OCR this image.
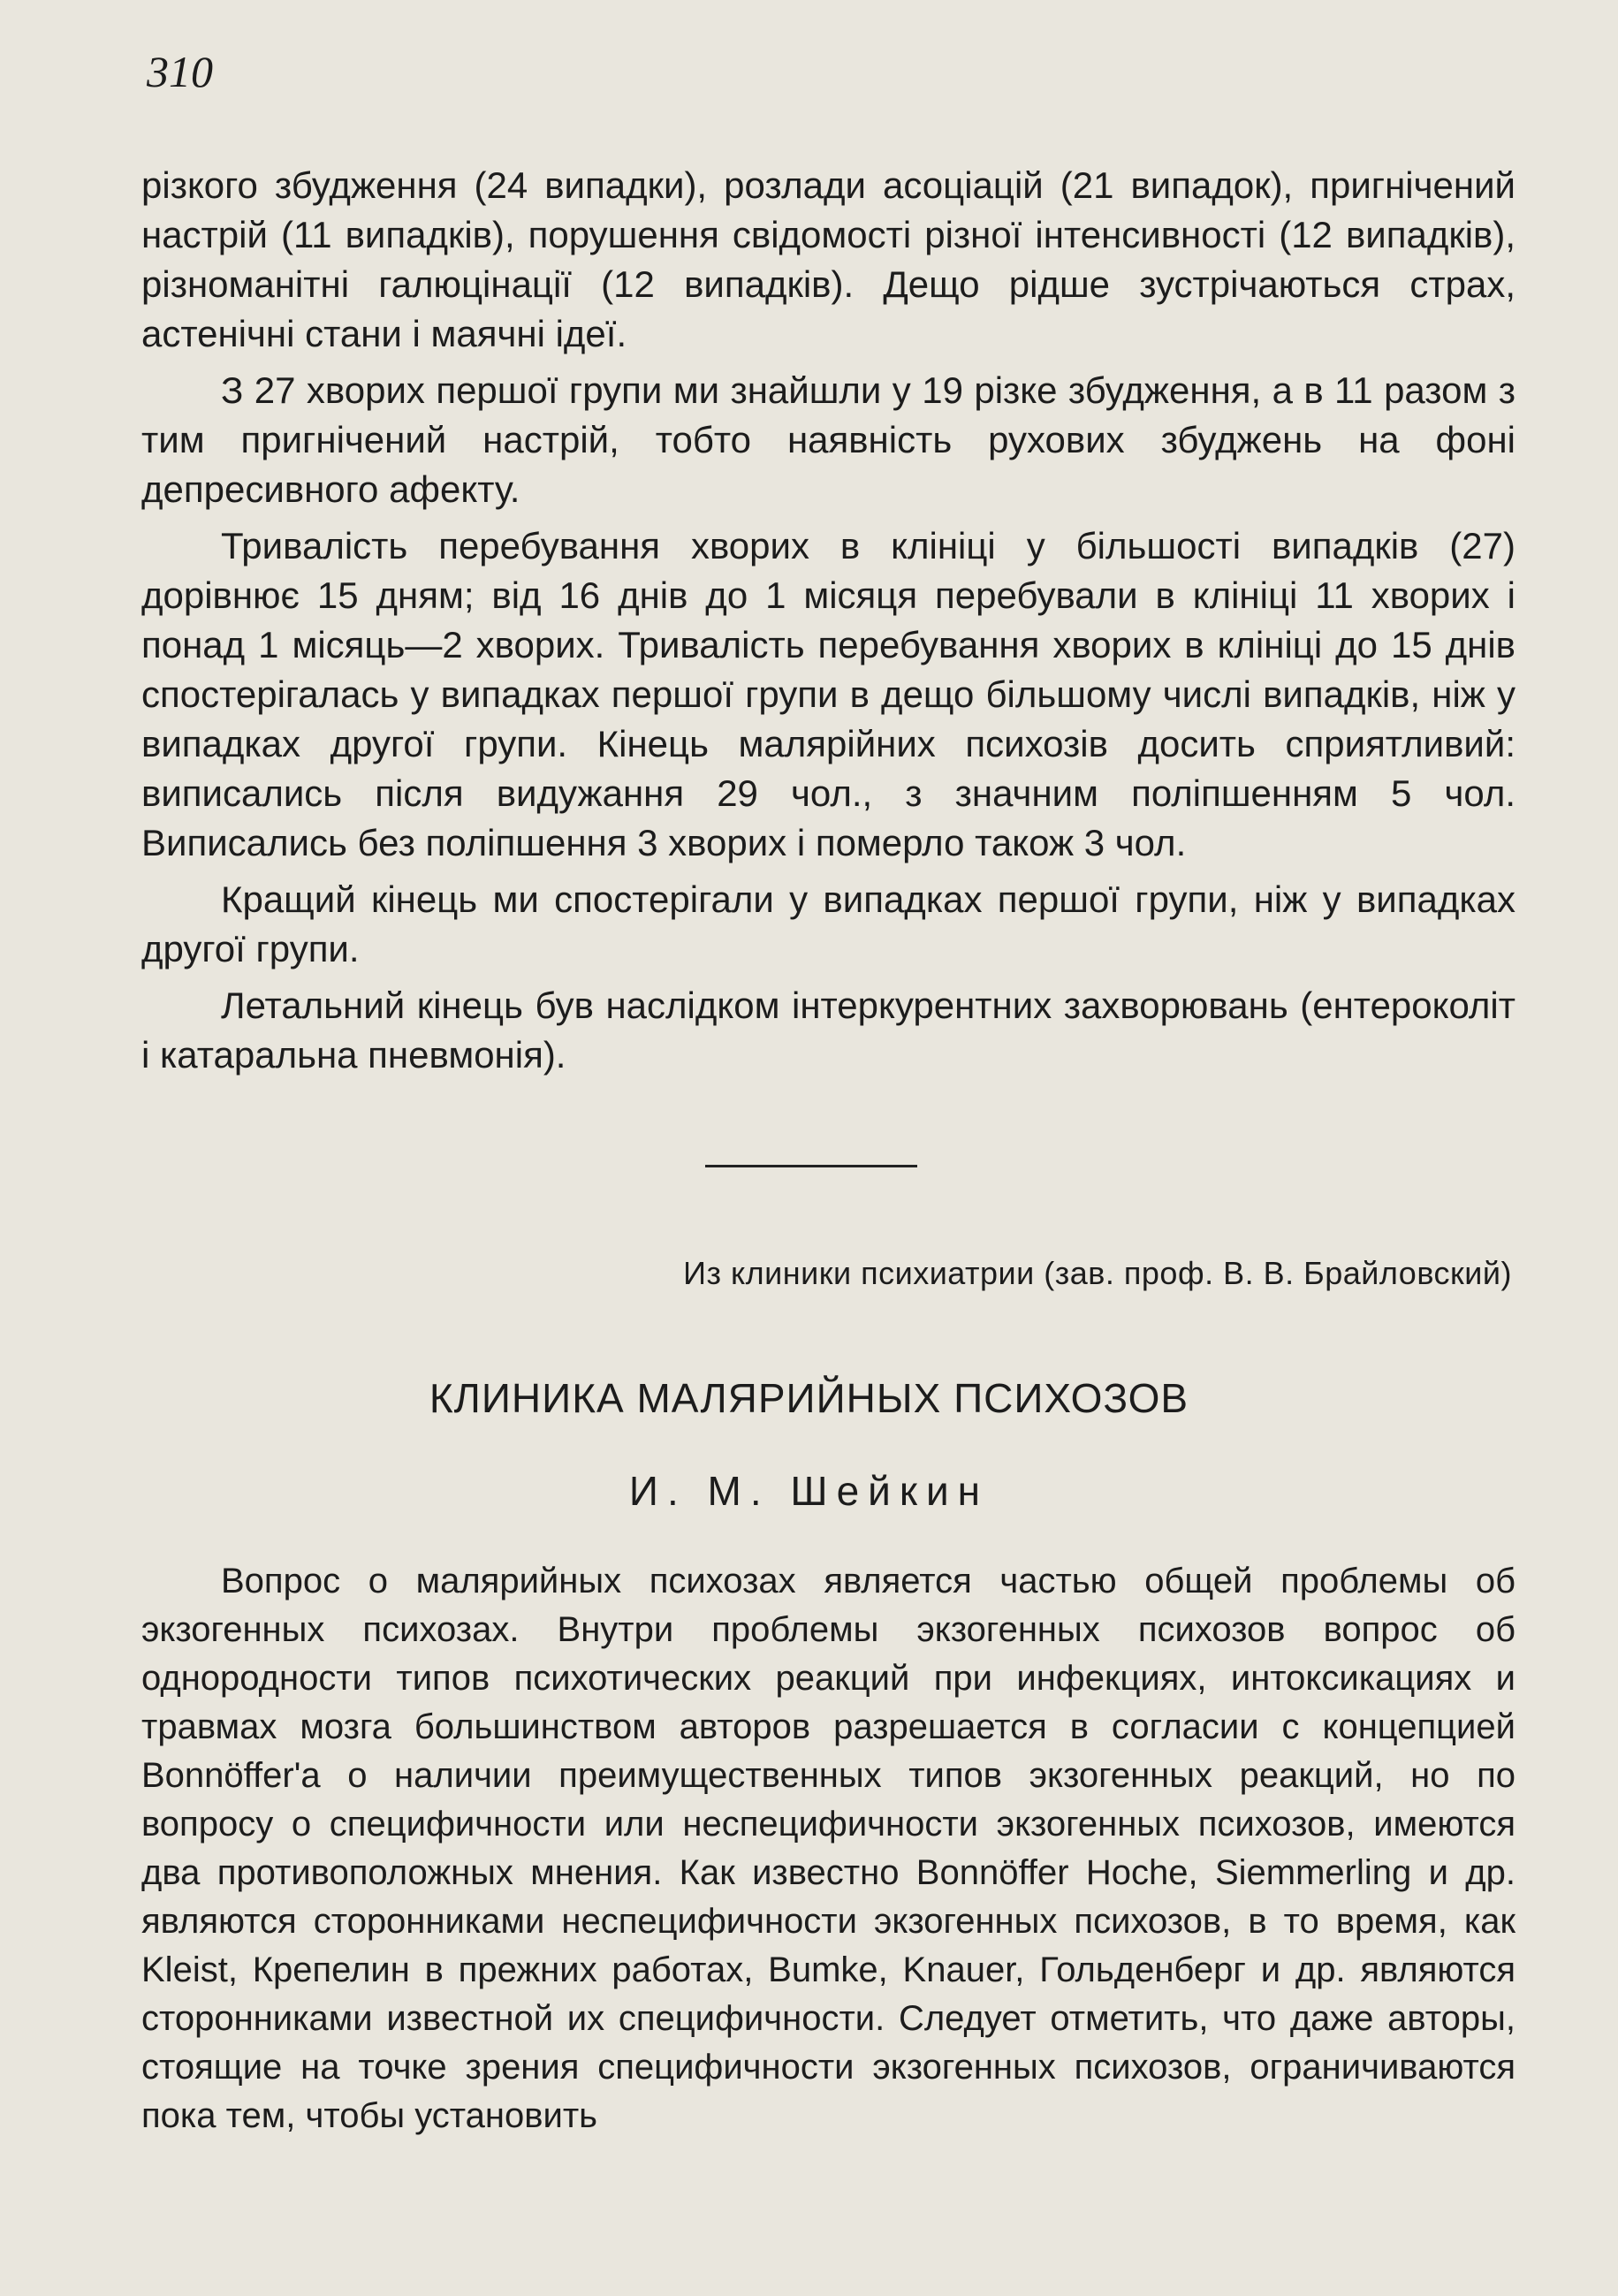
310

різкого збудження (24 випадки), розлади асоціацій (21 випадок), пригнічений настрій (11 випадків), порушення свідомості різної інтенсивності (12 випадків), різноманітні галюцінації (12 випадків). Дещо рідше зустрічаються страх, астенічні стани і маячні ідеї.

З 27 хворих першої групи ми знайшли у 19 різке збудження, а в 11 разом з тим пригнічений настрій, тобто наявність рухових збуджень на фоні депресивного афекту.

Тривалість перебування хворих в клініці у більшості випадків (27) дорівнює 15 дням; від 16 днів до 1 місяця перебували в клініці 11 хворих і понад 1 місяць—2 хворих. Тривалість перебування хворих в клініці до 15 днів спостерігалась у випадках першої групи в дещо більшому числі випадків, ніж у випадках другої групи. Кінець малярійних психозів досить сприятливий: виписались після видужання 29 чол., з значним поліпшенням 5 чол. Виписались без поліпшення 3 хворих і померло також 3 чол.

Кращий кінець ми спостерігали у випадках першої групи, ніж у випадках другої групи.

Летальний кінець був наслідком інтеркурентних захворювань (ентероколіт і катаральна пневмонія).

Из клиники психиатрии (зав. проф. В. В. Брайловский)
КЛИНИКА МАЛЯРИЙНЫХ ПСИХОЗОВ
И. М. Шейкин

Вопрос о малярийных психозах является частью общей проблемы об экзогенных психозах. Внутри проблемы экзогенных психозов вопрос об однородности типов психотических реакций при инфекциях, интоксикациях и травмах мозга большинством авторов разрешается в согласии с концепцией Bonnöffer'a о наличии преимущественных типов экзогенных реакций, но по вопросу о специфичности или неспецифичности экзогенных психозов, имеются два противоположных мнения. Как известно Bonnöffer Hoche, Siemmerling и др. являются сторонниками неспецифичности экзогенных психозов, в то время, как Kleist, Крепелин в прежних работах, Bumke, Knauer, Гольденберг и др. являются сторонниками известной их специфичности. Следует отметить, что даже авторы, стоящие на точке зрения специфичности экзогенных психозов, ограничиваются пока тем, чтобы установить
